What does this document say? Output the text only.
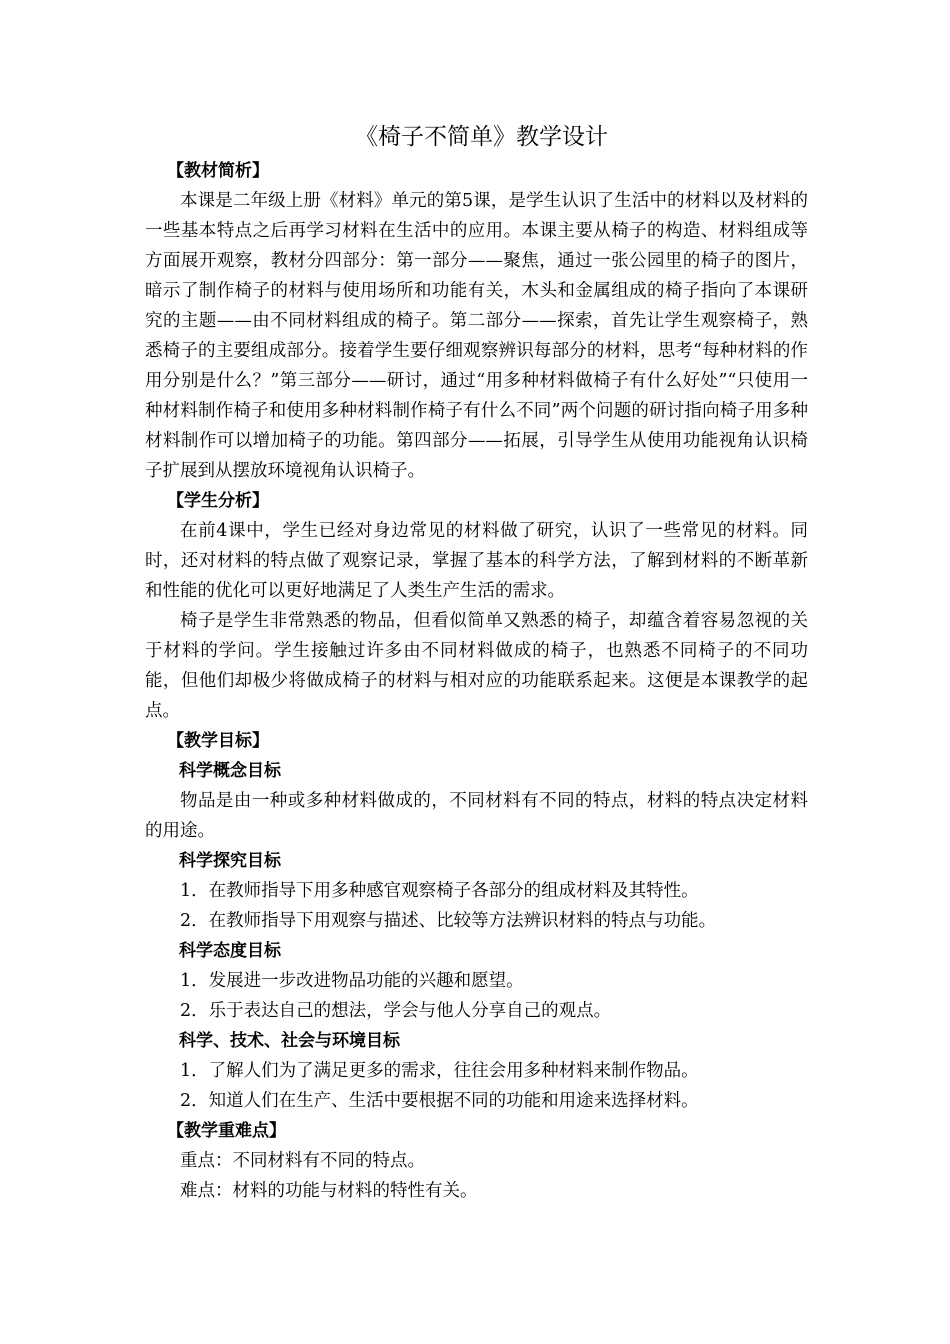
《椅子不简单》教学设计
【教材简析】

本课是二年级上册《材料》单元的第5课，是学生认识了生活中的材料以及材料的一些基本特点之后再学习材料在生活中的应用。本课主要从椅子的构造、材料组成等方面展开观察，教材分四部分：第一部分——聚焦，通过一张公园里的椅子的图片，暗示了制作椅子的材料与使用场所和功能有关，木头和金属组成的椅子指向了本课研究的主题——由不同材料组成的椅子。第二部分——探索，首先让学生观察椅子，熟悉椅子的主要组成部分。接着学生要仔细观察辨识每部分的材料，思考“每种材料的作用分别是什么？”第三部分——研讨，通过“用多种材料做椅子有什么好处”“只使用一种材料制作椅子和使用多种材料制作椅子有什么不同”两个问题的研讨指向椅子用多种材料制作可以增加椅子的功能。第四部分——拓展，引导学生从使用功能视角认识椅子扩展到从摆放环境视角认识椅子。

【学生分析】

在前4课中，学生已经对身边常见的材料做了研究，认识了一些常见的材料。同时，还对材料的特点做了观察记录，掌握了基本的科学方法，了解到材料的不断革新和性能的优化可以更好地满足了人类生产生活的需求。

椅子是学生非常熟悉的物品，但看似简单又熟悉的椅子，却蕴含着容易忽视的关于材料的学问。学生接触过许多由不同材料做成的椅子，也熟悉不同椅子的不同功能，但他们却极少将做成椅子的材料与相对应的功能联系起来。这便是本课教学的起点。

【教学目标】
科学概念目标

物品是由一种或多种材料做成的，不同材料有不同的特点，材料的特点决定材料的用途。

科学探究目标

1．在教师指导下用多种感官观察椅子各部分的组成材料及其特性。

2．在教师指导下用观察与描述、比较等方法辨识材料的特点与功能。

科学态度目标

1．发展进一步改进物品功能的兴趣和愿望。

2．乐于表达自己的想法，学会与他人分享自己的观点。

科学、技术、社会与环境目标

1．了解人们为了满足更多的需求，往往会用多种材料来制作物品。

2．知道人们在生产、生活中要根据不同的功能和用途来选择材料。

【教学重难点】

重点：不同材料有不同的特点。

难点：材料的功能与材料的特性有关。
